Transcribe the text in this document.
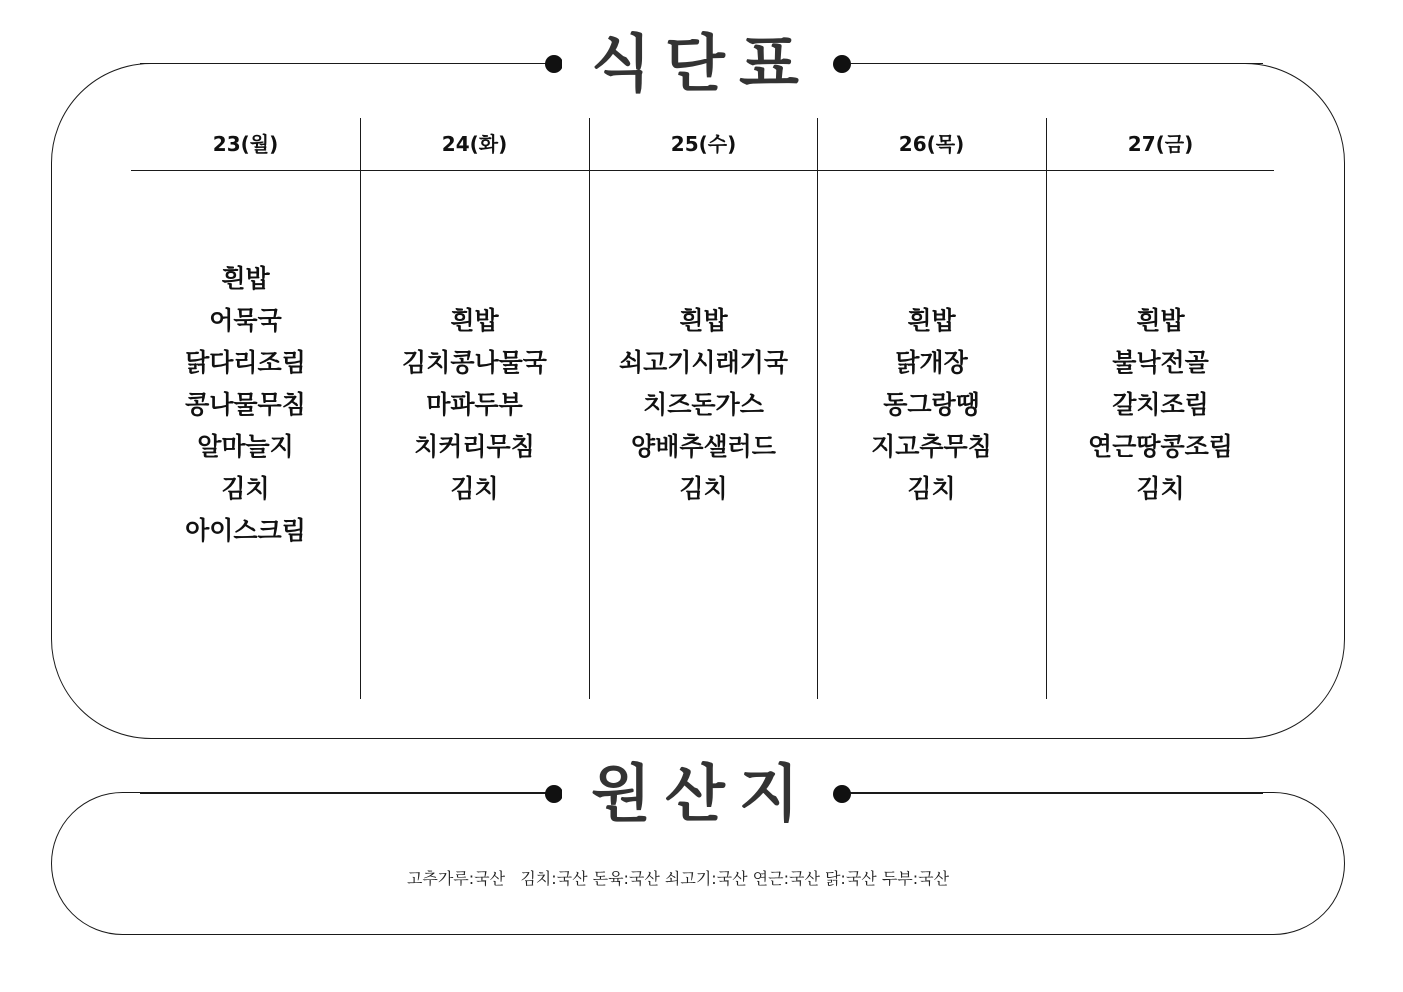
식단표
23(월)
흰밥
어묵국
닭다리조림
콩나물무침
알마늘지
김치
아이스크림
24(화)
흰밥
김치콩나물국
마파두부
치커리무침
김치
25(수)
흰밥
쇠고기시래기국
치즈돈가스
양배추샐러드
김치
26(목)
흰밥
닭개장
동그랑땡
지고추무침
김치
27(금)
흰밥
불낙전골
갈치조림
연근땅콩조림
김치
원산지
고추가루:국산   김치:국산 돈육:국산 쇠고기:국산 연근:국산 닭:국산 두부:국산
